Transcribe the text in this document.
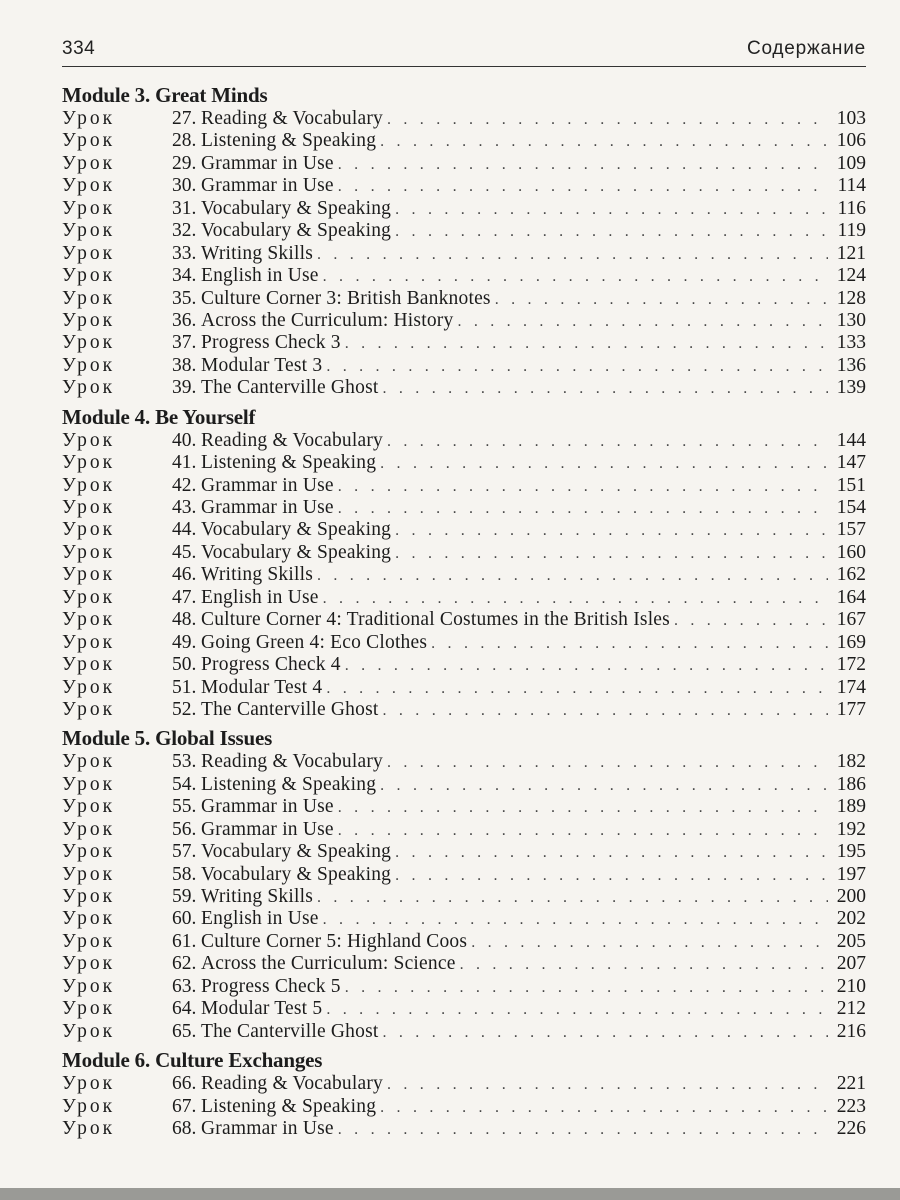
334	Содержание
Module 3. Great Minds
Урок	27. Reading & Vocabulary . . .	103
Урок	28. Listening & Speaking . . .	106
Урок	29. Grammar in Use . . .	109
Урок	30. Grammar in Use . . .	114
Урок	31. Vocabulary & Speaking . . .	116
Урок	32. Vocabulary & Speaking . . .	119
Урок	33. Writing Skills . . .	121
Урок	34. English in Use . . .	124
Урок	35. Culture Corner 3: British Banknotes . . .	128
Урок	36. Across the Curriculum: History . . .	130
Урок	37. Progress Check 3 . . .	133
Урок	38. Modular Test 3 . . .	136
Урок	39. The Canterville Ghost . . .	139
Module 4. Be Yourself
Урок	40. Reading & Vocabulary . . .	144
Урок	41. Listening & Speaking . . .	147
Урок	42. Grammar in Use . . .	151
Урок	43. Grammar in Use . . .	154
Урок	44. Vocabulary & Speaking . . .	157
Урок	45. Vocabulary & Speaking . . .	160
Урок	46. Writing Skills . . .	162
Урок	47. English in Use . . .	164
Урок	48. Culture Corner 4: Traditional Costumes in the British Isles . . .	167
Урок	49. Going Green 4: Eco Clothes . . .	169
Урок	50. Progress Check 4 . . .	172
Урок	51. Modular Test 4 . . .	174
Урок	52. The Canterville Ghost . . .	177
Module 5. Global Issues
Урок	53. Reading & Vocabulary . . .	182
Урок	54. Listening & Speaking . . .	186
Урок	55. Grammar in Use . . .	189
Урок	56. Grammar in Use . . .	192
Урок	57. Vocabulary & Speaking . . .	195
Урок	58. Vocabulary & Speaking . . .	197
Урок	59. Writing Skills . . .	200
Урок	60. English in Use . . .	202
Урок	61. Culture Corner 5: Highland Coos . . .	205
Урок	62. Across the Curriculum: Science . . .	207
Урок	63. Progress Check 5 . . .	210
Урок	64. Modular Test 5 . . .	212
Урок	65. The Canterville Ghost . . .	216
Module 6. Culture Exchanges
Урок	66. Reading & Vocabulary . . .	221
Урок	67. Listening & Speaking . . .	223
Урок	68. Grammar in Use . . .	226
